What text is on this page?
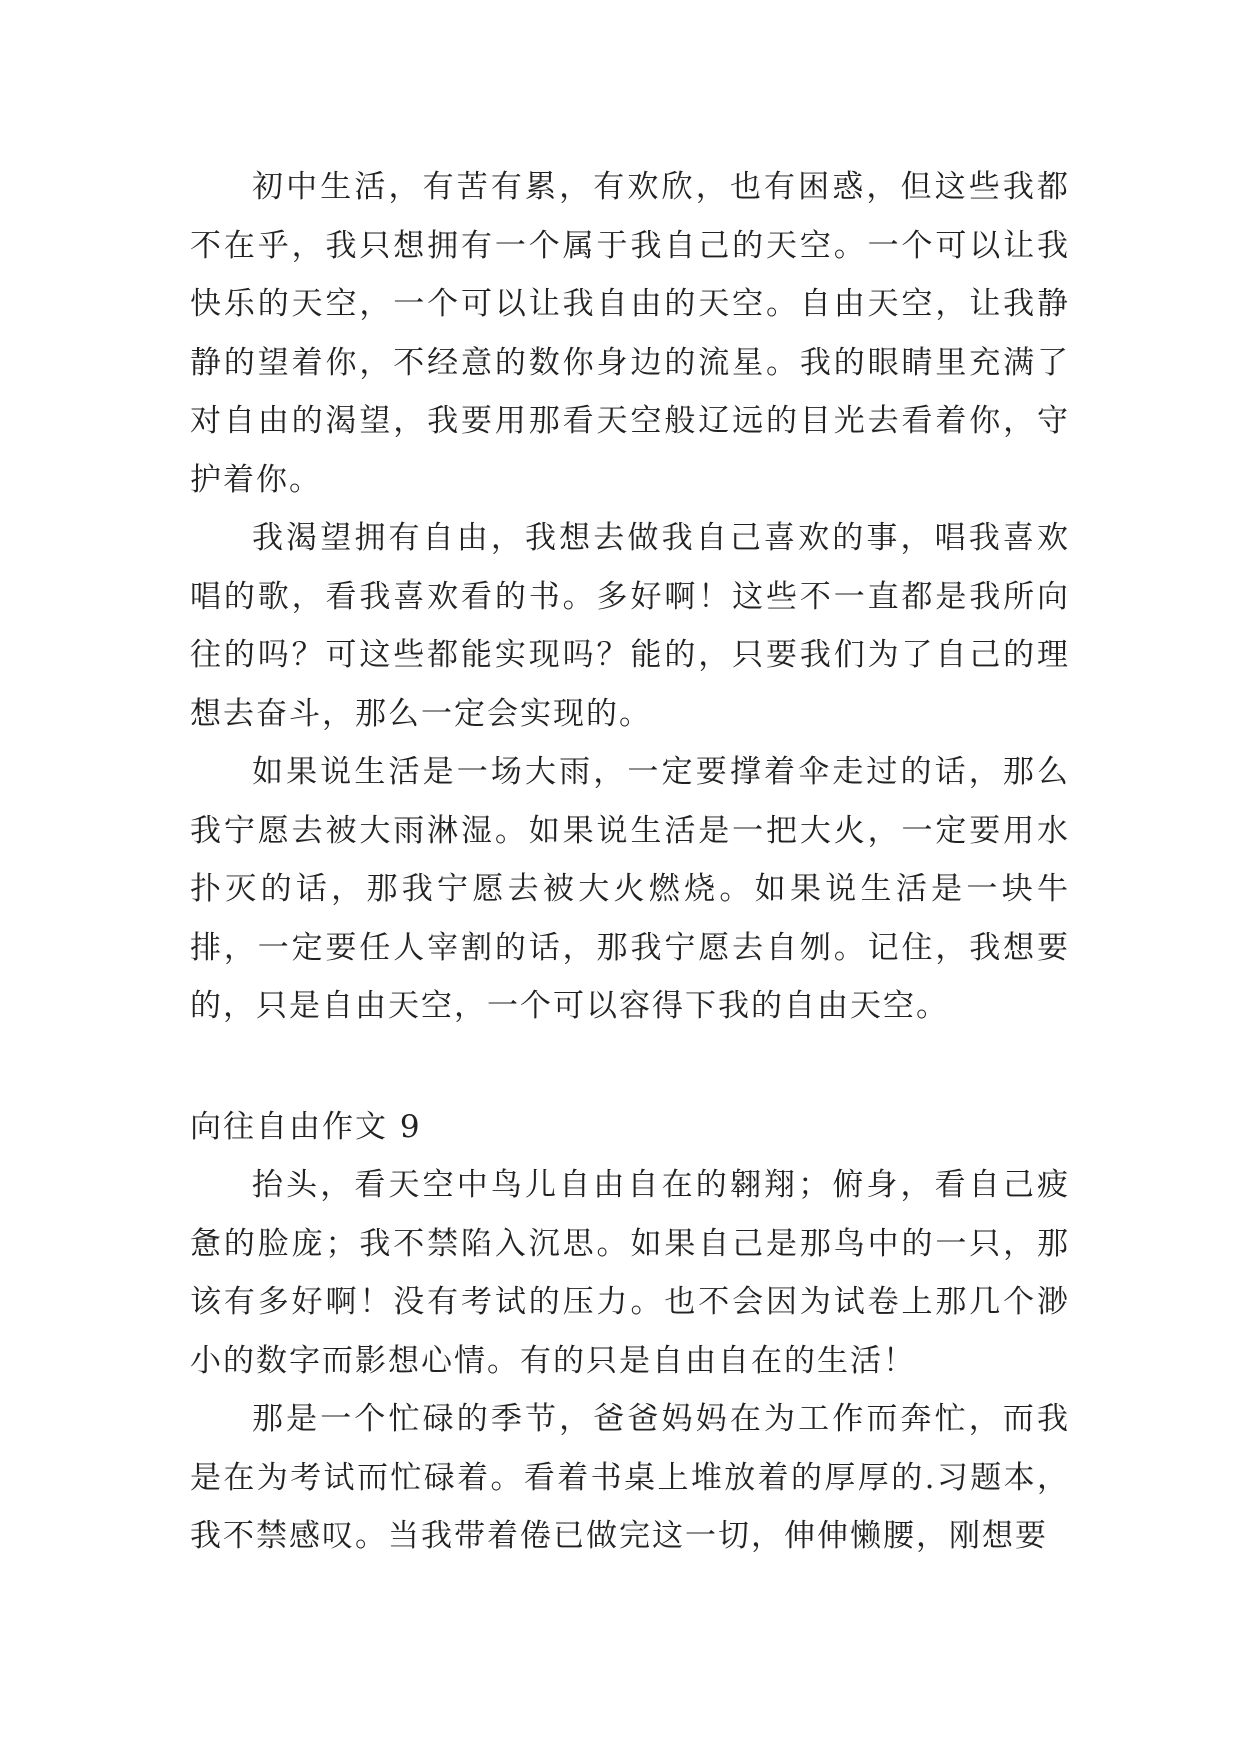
初中生活，有苦有累，有欢欣，也有困惑，但这些我都不在乎，我只想拥有一个属于我自己的天空。一个可以让我快乐的天空，一个可以让我自由的天空。自由天空，让我静静的望着你，不经意的数你身边的流星。我的眼睛里充满了对自由的渴望，我要用那看天空般辽远的目光去看着你，守护着你。

我渴望拥有自由，我想去做我自己喜欢的事，唱我喜欢唱的歌，看我喜欢看的书。多好啊！这些不一直都是我所向往的吗？可这些都能实现吗？能的，只要我们为了自己的理想去奋斗，那么一定会实现的。

如果说生活是一场大雨，一定要撑着伞走过的话，那么我宁愿去被大雨淋湿。如果说生活是一把大火，一定要用水扑灭的话，那我宁愿去被大火燃烧。如果说生活是一块牛排，一定要任人宰割的话，那我宁愿去自刎。记住，我想要的，只是自由天空，一个可以容得下我的自由天空。

向往自由作文 9

抬头，看天空中鸟儿自由自在的翱翔；俯身，看自己疲惫的脸庞；我不禁陷入沉思。如果自己是那鸟中的一只，那该有多好啊！没有考试的压力。也不会因为试卷上那几个渺小的数字而影想心情。有的只是自由自在的生活！

那是一个忙碌的季节，爸爸妈妈在为工作而奔忙，而我是在为考试而忙碌着。看着书桌上堆放着的厚厚的.习题本，我不禁感叹。当我带着倦已做完这一切，伸伸懒腰，刚想要
